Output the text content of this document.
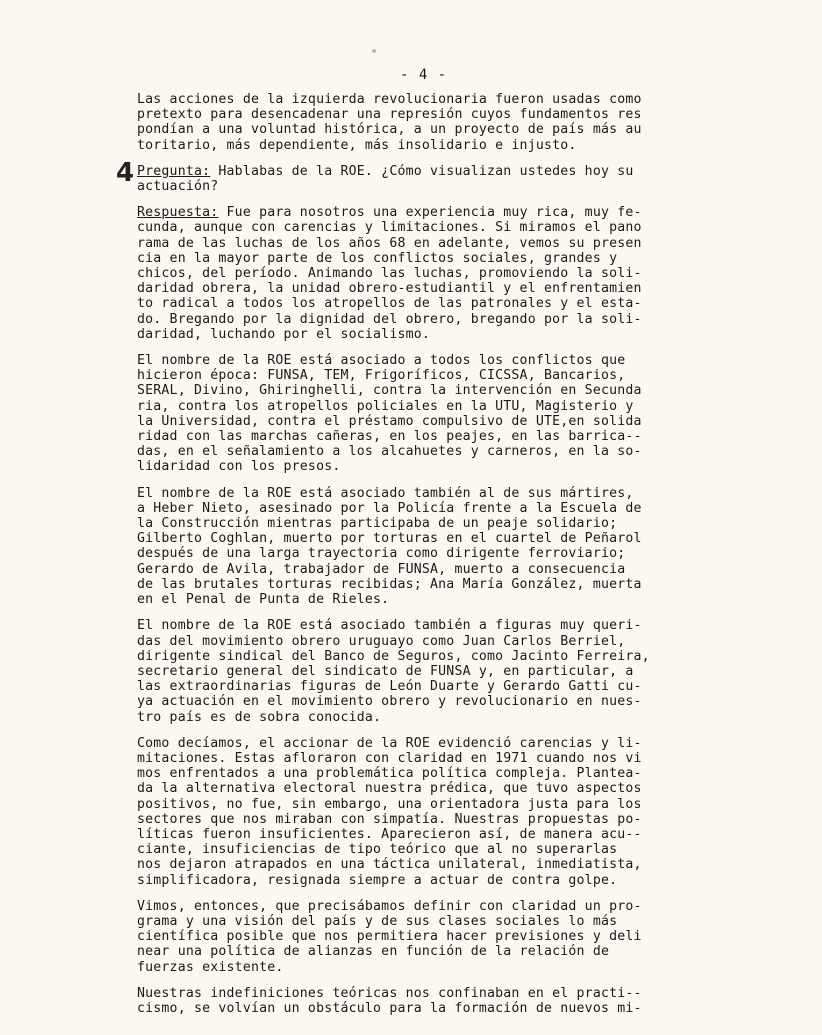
- 4 -
4

Las acciones de la izquierda revolucionaria fueron usadas como
pretexto para desencadenar una represión cuyos fundamentos res
pondían a una voluntad histórica, a un proyecto de país más au
toritario, más dependiente, más insolidario e injusto.

Pregunta: Hablabas de la ROE. ¿Cómo visualizan ustedes hoy su
actuación?

Respuesta: Fue para nosotros una experiencia muy rica, muy fe-
cunda, aunque con carencias y limitaciones. Si miramos el pano
rama de las luchas de los años 68 en adelante, vemos su presen
cia en la mayor parte de los conflictos sociales, grandes y
chicos, del período. Animando las luchas, promoviendo la soli-
daridad obrera, la unidad obrero-estudiantil y el enfrentamien
to radical a todos los atropellos de las patronales y el esta-
do. Bregando por la dignidad del obrero, bregando por la soli-
daridad, luchando por el socialismo.

El nombre de la ROE está asociado a todos los conflictos que
hicieron época: FUNSA, TEM, Frigoríficos, CICSSA, Bancarios,
SERAL, Divino, Ghiringhelli, contra la intervención en Secunda
ria, contra los atropellos policiales en la UTU, Magisterio y
la Universidad, contra el préstamo compulsivo de UTE,en solida
ridad con las marchas cañeras, en los peajes, en las barrica--
das, en el señalamiento a los alcahuetes y carneros, en la so-
lidaridad con los presos.

El nombre de la ROE está asociado también al de sus mártires,
a Heber Nieto, asesinado por la Policía frente a la Escuela de
la Construcción mientras participaba de un peaje solidario;
Gilberto Coghlan, muerto por torturas en el cuartel de Peñarol
después de una larga trayectoria como dirigente ferroviario;
Gerardo de Avila, trabajador de FUNSA, muerto a consecuencia
de las brutales torturas recibidas; Ana María González, muerta
en el Penal de Punta de Rieles.

El nombre de la ROE está asociado también a figuras muy queri-
das del movimiento obrero uruguayo como Juan Carlos Berriel,
dirigente sindical del Banco de Seguros, como Jacinto Ferreira,
secretario general del sindicato de FUNSA y, en particular, a
las extraordinarias figuras de León Duarte y Gerardo Gatti cu-
ya actuación en el movimiento obrero y revolucionario en nues-
tro país es de sobra conocida.

Como decíamos, el accionar de la ROE evidenció carencias y li-
mitaciones. Estas afloraron con claridad en 1971 cuando nos vi
mos enfrentados a una problemática política compleja. Plantea-
da la alternativa electoral nuestra prédica, que tuvo aspectos
positivos, no fue, sin embargo, una orientadora justa para los
sectores que nos miraban con simpatía. Nuestras propuestas po-
líticas fueron insuficientes. Aparecieron así, de manera acu--
ciante, insuficiencias de tipo teórico que al no superarlas
nos dejaron atrapados en una táctica unilateral, inmediatista,
simplificadora, resignada siempre a actuar de contra golpe.

Vimos, entonces, que precisábamos definir con claridad un pro-
grama y una visión del país y de sus clases sociales lo más
científica posible que nos permitiera hacer previsiones y deli
near una política de alianzas en función de la relación de
fuerzas existente.

Nuestras indefiniciones teóricas nos confinaban en el practi--
cismo, se volvían un obstáculo para la formación de nuevos mi-
